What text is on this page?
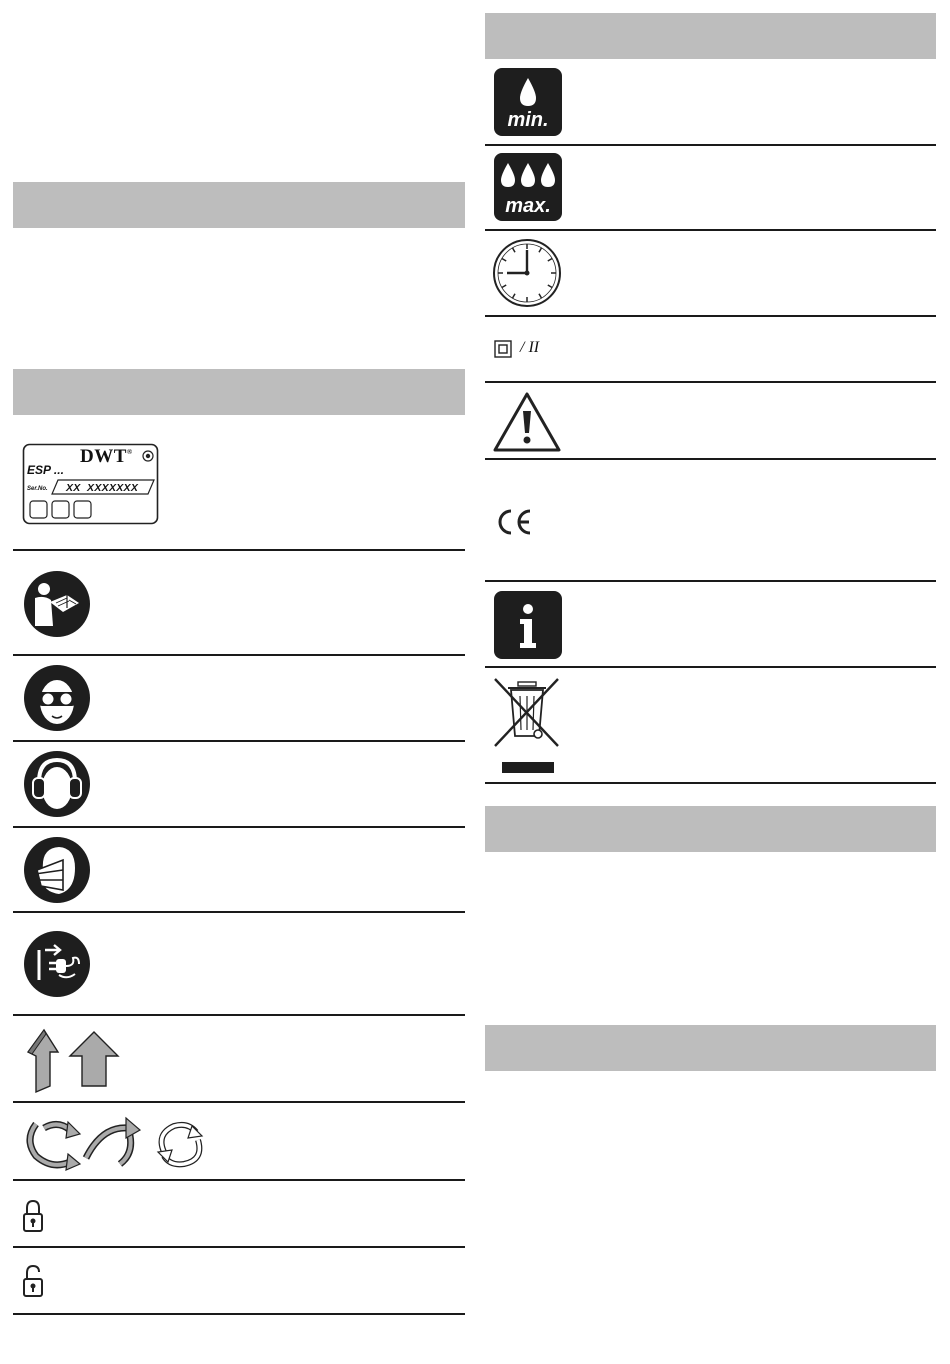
DWT®
ESP ...
Ser.No. XX  XXXXXXX
min.
max.
/ II
